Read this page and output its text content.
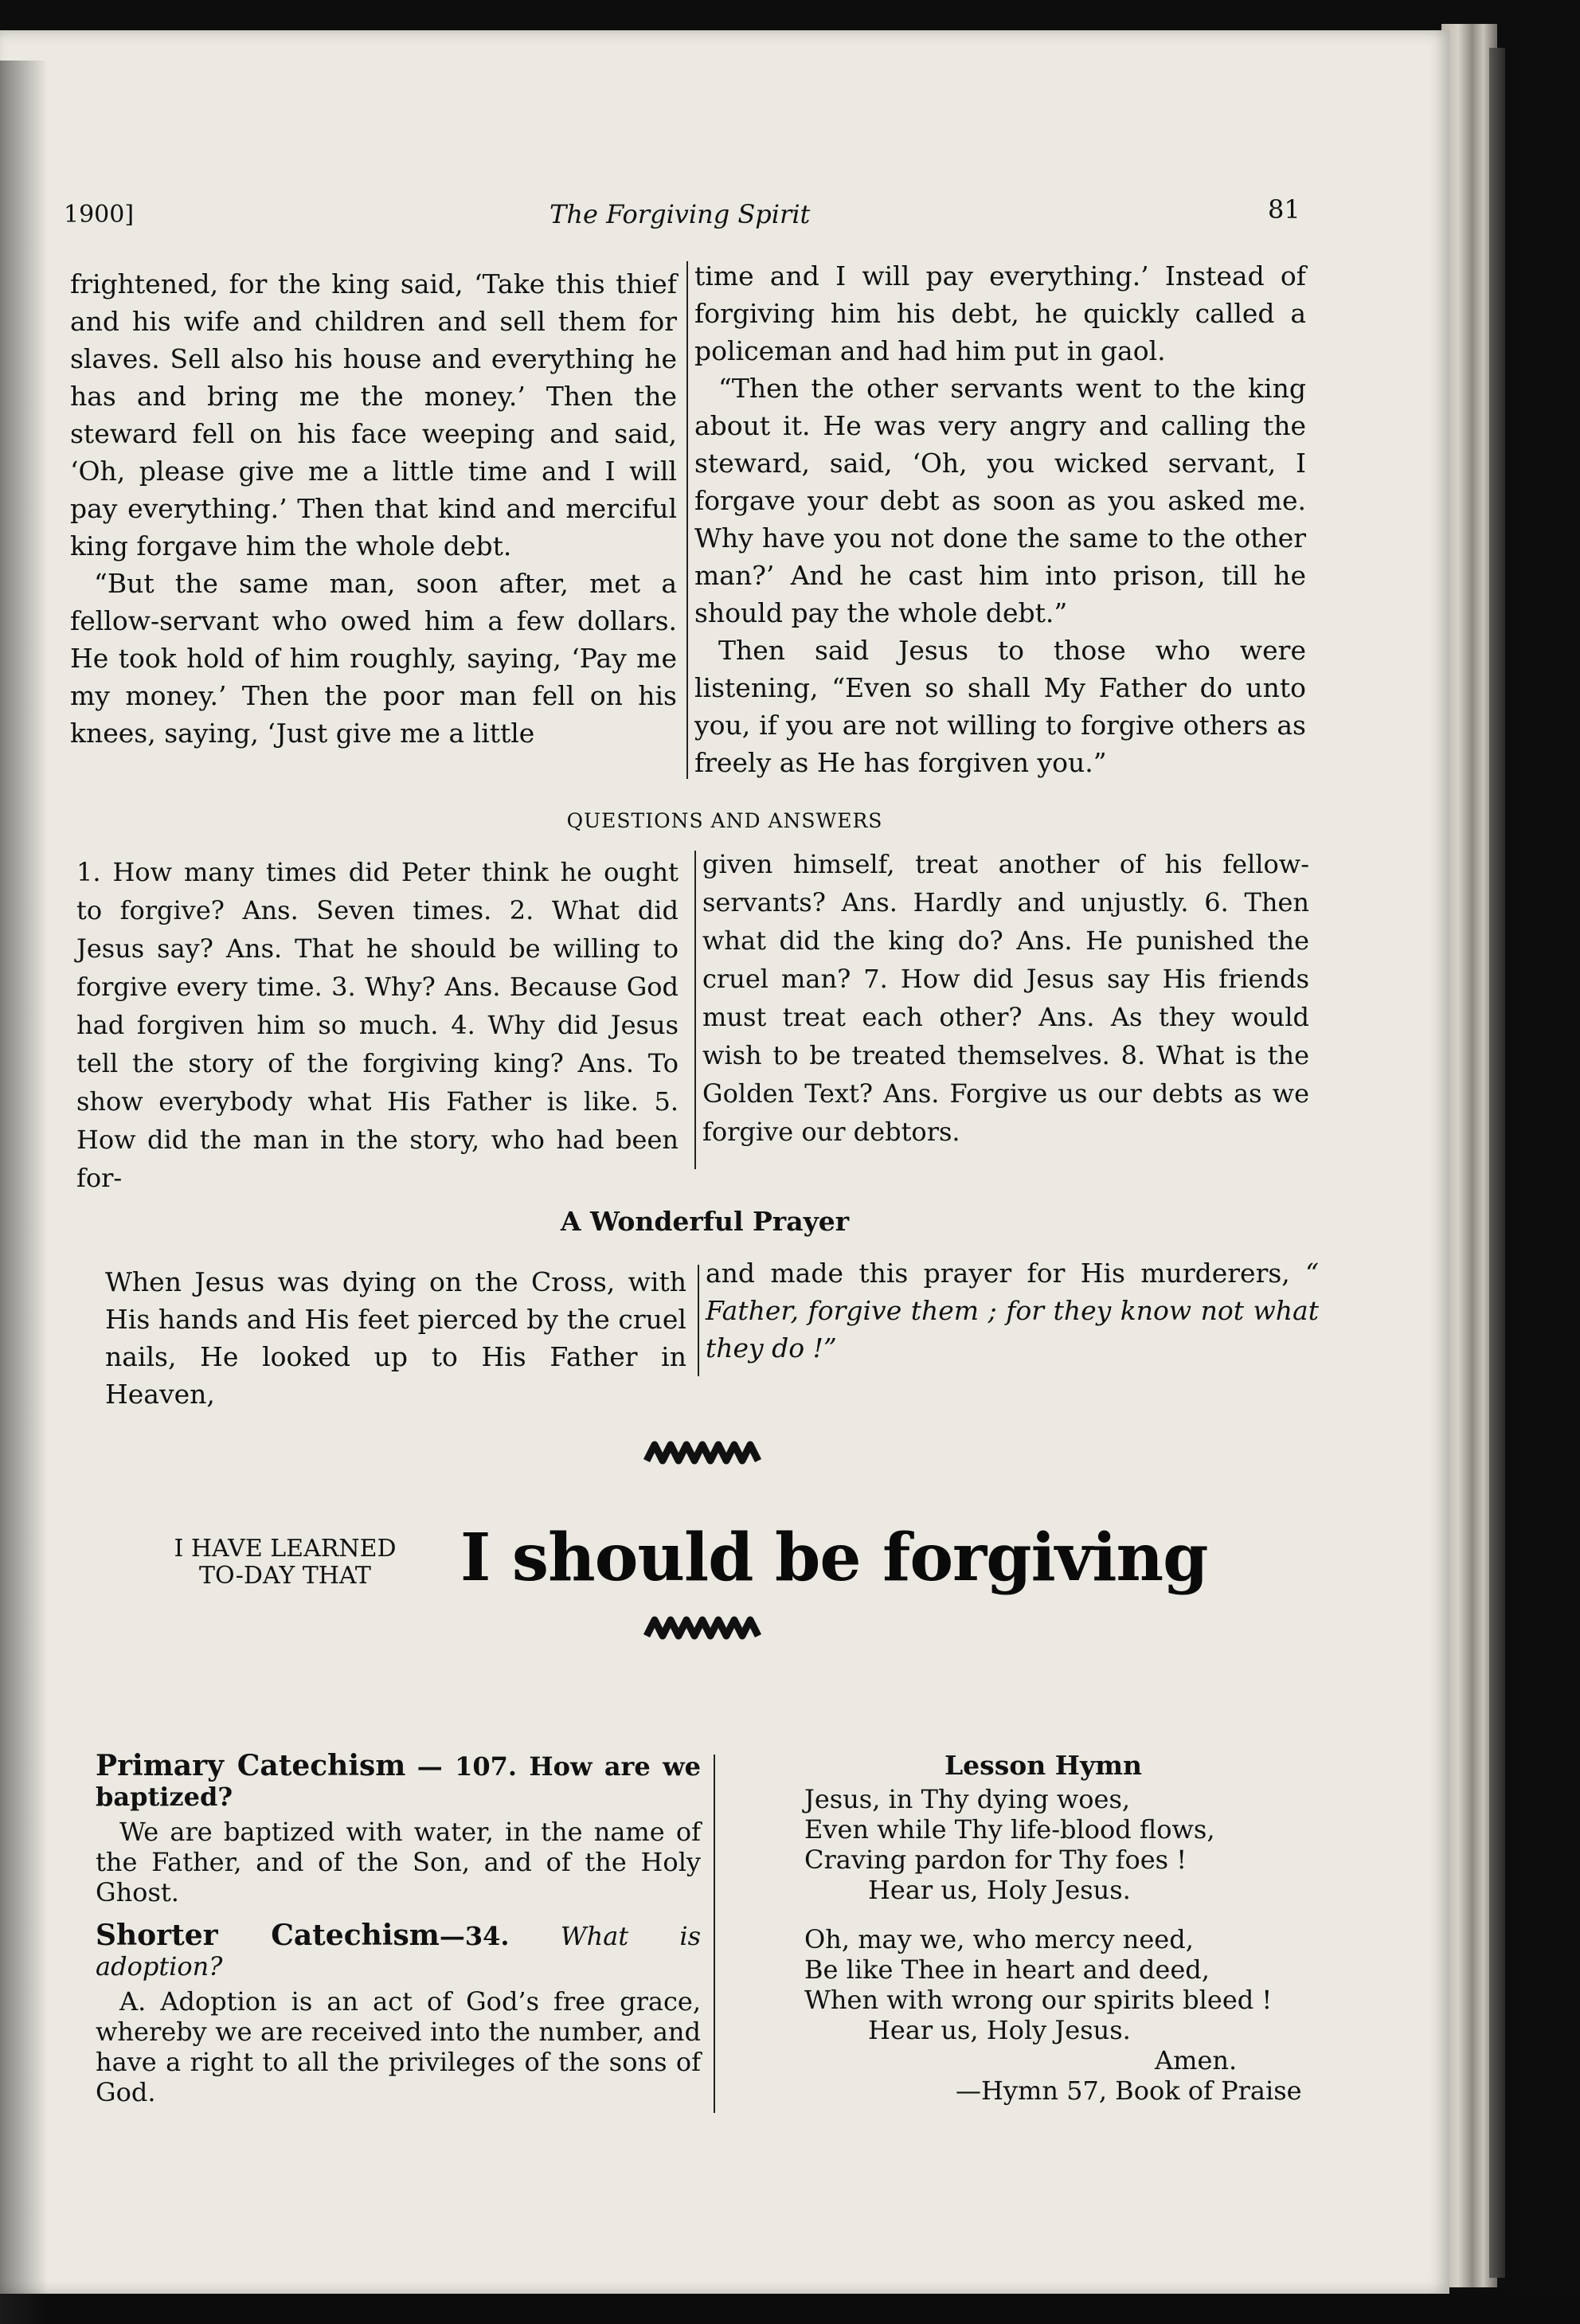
1900]	The Forgiving Spirit	81

frightened, for the king said, ‘Take this thief and his wife and children and sell them for slaves. Sell also his house and everything he has and bring me the money.’ Then the steward fell on his face weeping and said, ‘Oh, please give me a little time and I will pay everything.’ Then that kind and merciful king forgave him the whole debt.

“But the same man, soon after, met a fellow-servant who owed him a few dollars. He took hold of him roughly, saying, ‘Pay me my money.’ Then the poor man fell on his knees, saying, ‘Just give me a little

time and I will pay everything.’ Instead of forgiving him his debt, he quickly called a policeman and had him put in gaol.

“Then the other servants went to the king about it. He was very angry and calling the steward, said, ‘Oh, you wicked servant, I forgave your debt as soon as you asked me. Why have you not done the same to the other man?’ And he cast him into prison, till he should pay the whole debt.”

Then said Jesus to those who were listening, “Even so shall My Father do unto you, if you are not willing to forgive others as freely as He has forgiven you.”

QUESTIONS AND ANSWERS
1. How many times did Peter think he ought to forgive? Ans. Seven times. 2. What did Jesus say? Ans. That he should be willing to forgive every time. 3. Why? Ans. Because God had forgiven him so much. 4. Why did Jesus tell the story of the forgiving king? Ans. To show everybody what His Father is like. 5. How did the man in the story, who had been for-
given himself, treat another of his fellow-servants? Ans. Hardly and unjustly. 6. Then what did the king do? Ans. He punished the cruel man? 7. How did Jesus say His friends must treat each other? Ans. As they would wish to be treated themselves. 8. What is the Golden Text? Ans. Forgive us our debts as we forgive our debtors.
A Wonderful Prayer
When Jesus was dying on the Cross, with His hands and His feet pierced by the cruel nails, He looked up to His Father in Heaven,
and made this prayer for His murderers, “ Father, forgive them ; for they know not what they do !”
I HAVE LEARNED
TO-DAY THAT	I should be forgiving

Primary Catechism — 107. How are we baptized?

We are baptized with water, in the name of the Father, and of the Son, and of the Holy Ghost.

Shorter Catechism—34. What is adoption?

A. Adoption is an act of God’s free grace, whereby we are received into the number, and have a right to all the privileges of the sons of God.

Lesson Hymn
Jesus, in Thy dying woes,
Even while Thy life-blood flows,
Craving pardon for Thy foes !
Hear us, Holy Jesus.
Oh, may we, who mercy need,
Be like Thee in heart and deed,
When with wrong our spirits bleed !
Hear us, Holy Jesus.
Amen.
—Hymn 57, Book of Praise
